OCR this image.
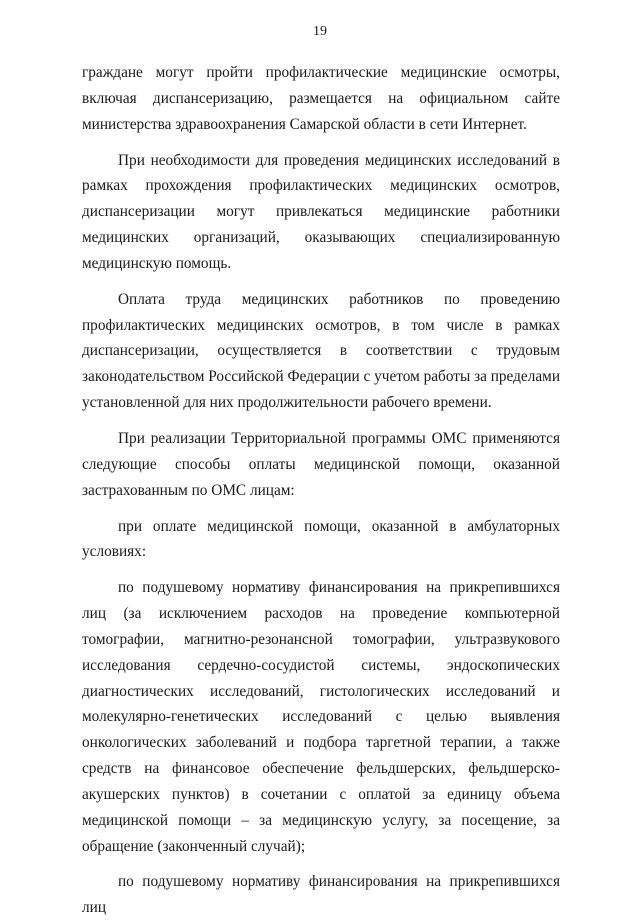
19

граждане могут пройти профилактические медицинские осмотры, включая диспансеризацию, размещается на официальном сайте министерства здравоохранения Самарской области в сети Интернет.

При необходимости для проведения медицинских исследований в рамках прохождения профилактических медицинских осмотров, диспансеризации могут привлекаться медицинские работники медицинских организаций, оказывающих специализированную медицинскую помощь.

Оплата труда медицинских работников по проведению профилактических медицинских осмотров, в том числе в рамках диспансеризации, осуществляется в соответствии с трудовым законодательством Российской Федерации с учетом работы за пределами установленной для них продолжительности рабочего времени.

При реализации Территориальной программы ОМС применяются следующие способы оплаты медицинской помощи, оказанной застрахованным по ОМС лицам:

при оплате медицинской помощи, оказанной в амбулаторных условиях:

по подушевому нормативу финансирования на прикрепившихся лиц (за исключением расходов на проведение компьютерной томографии, магнитно-резонансной томографии, ультразвукового исследования сердечно-сосудистой системы, эндоскопических диагностических исследований, гистологических исследований и молекулярно-генетических исследований с целью выявления онкологических заболеваний и подбора таргетной терапии, а также средств на финансовое обеспечение фельдшерских, фельдшерско-акушерских пунктов) в сочетании с оплатой за единицу объема медицинской помощи – за медицинскую услугу, за посещение, за обращение (законченный случай);

по подушевому нормативу финансирования на прикрепившихся лиц
